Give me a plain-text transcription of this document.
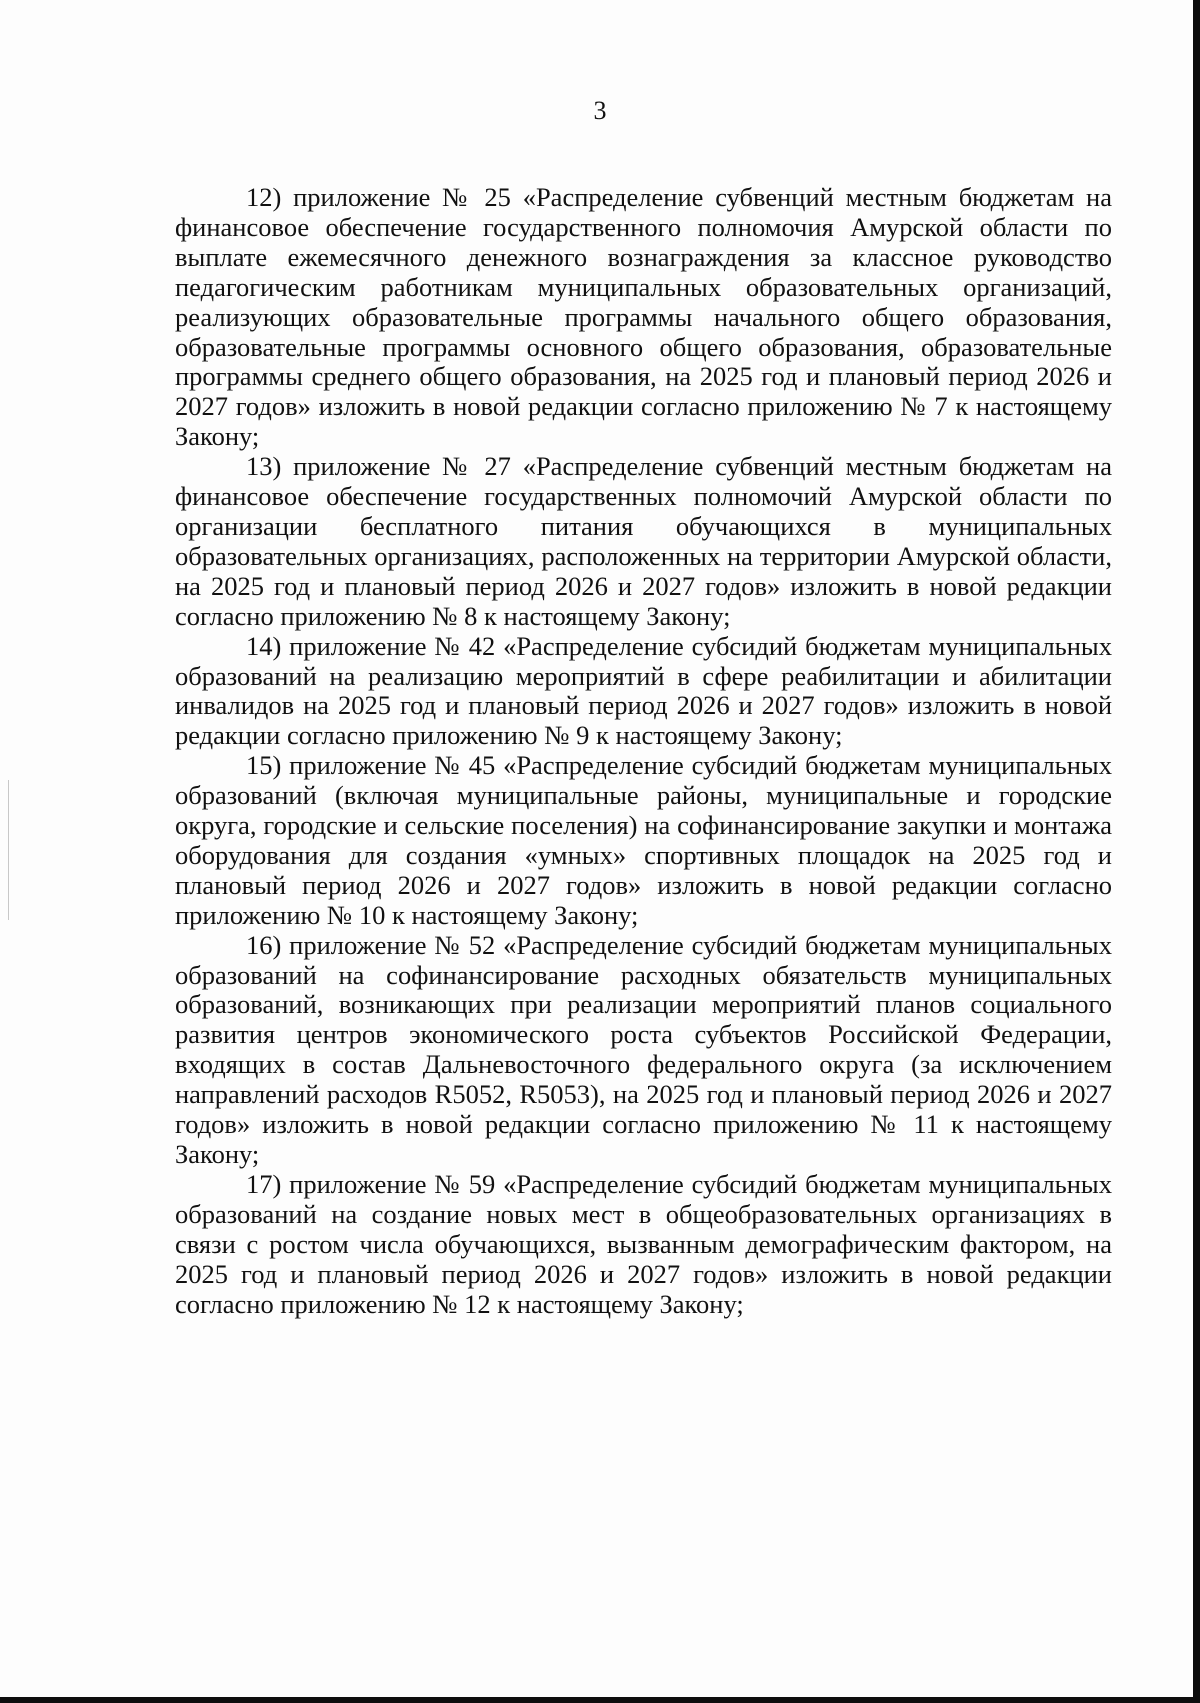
3

12) приложение № 25 «Распределение субвенций местным бюджетам на финансовое обеспечение государственного полномочия Амурской области по выплате ежемесячного денежного вознаграждения за классное руководство педагогическим работникам муниципальных образовательных организаций, реализующих образовательные программы начального общего образования, образовательные программы основного общего образования, образовательные программы среднего общего образования, на 2025 год и плановый период 2026 и 2027 годов» изложить в новой редакции согласно приложению № 7 к настоящему Закону;

13) приложение № 27 «Распределение субвенций местным бюджетам на финансовое обеспечение государственных полномочий Амурской области по организации бесплатного питания обучающихся в муниципальных образовательных организациях, расположенных на территории Амурской области, на 2025 год и плановый период 2026 и 2027 годов» изложить в новой редакции согласно приложению № 8 к настоящему Закону;

14) приложение № 42 «Распределение субсидий бюджетам муниципальных образований на реализацию мероприятий в сфере реабилитации и абилитации инвалидов на 2025 год и плановый период 2026 и 2027 годов» изложить в новой редакции согласно приложению № 9 к настоящему Закону;

15) приложение № 45 «Распределение субсидий бюджетам муниципальных образований (включая муниципальные районы, муниципальные и городские округа, городские и сельские поселения) на софинансирование закупки и монтажа оборудования для создания «умных» спортивных площадок на 2025 год и плановый период 2026 и 2027 годов» изложить в новой редакции согласно приложению № 10 к настоящему Закону;

16) приложение № 52 «Распределение субсидий бюджетам муниципальных образований на софинансирование расходных обязательств муниципальных образований, возникающих при реализации мероприятий планов социального развития центров экономического роста субъектов Российской Федерации, входящих в состав Дальневосточного федерального округа (за исключением направлений расходов R5052, R5053), на 2025 год и плановый период 2026 и 2027 годов» изложить в новой редакции согласно приложению № 11 к настоящему Закону;

17) приложение № 59 «Распределение субсидий бюджетам муниципальных образований на создание новых мест в общеобразовательных организациях в связи с ростом числа обучающихся, вызванным демографическим фактором, на 2025 год и плановый период 2026 и 2027 годов» изложить в новой редакции согласно приложению № 12 к настоящему Закону;
